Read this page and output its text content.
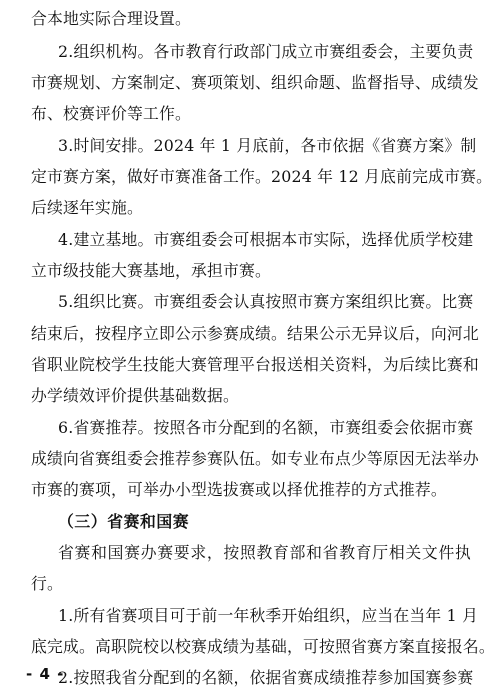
合本地实际合理设置。
2.组织机构。各市教育行政部门成立市赛组委会，主要负责
市赛规划、方案制定、赛项策划、组织命题、监督指导、成绩发
布、校赛评价等工作。
3.时间安排。2024 年 1 月底前，各市依据《省赛方案》制
定市赛方案，做好市赛准备工作。2024 年 12 月底前完成市赛。
后续逐年实施。
4.建立基地。市赛组委会可根据本市实际，选择优质学校建
立市级技能大赛基地，承担市赛。
5.组织比赛。市赛组委会认真按照市赛方案组织比赛。比赛
结束后，按程序立即公示参赛成绩。结果公示无异议后，向河北
省职业院校学生技能大赛管理平台报送相关资料，为后续比赛和
办学绩效评价提供基础数据。
6.省赛推荐。按照各市分配到的名额，市赛组委会依据市赛
成绩向省赛组委会推荐参赛队伍。如专业布点少等原因无法举办
市赛的赛项，可举办小型选拔赛或以择优推荐的方式推荐。
（三）省赛和国赛
省赛和国赛办赛要求，按照教育部和省教育厅相关文件执
行。
1.所有省赛项目可于前一年秋季开始组织，应当在当年 1 月
底完成。高职院校以校赛成绩为基础，可按照省赛方案直接报名。
2.按照我省分配到的名额，依据省赛成绩推荐参加国赛参赛
- 4 -
